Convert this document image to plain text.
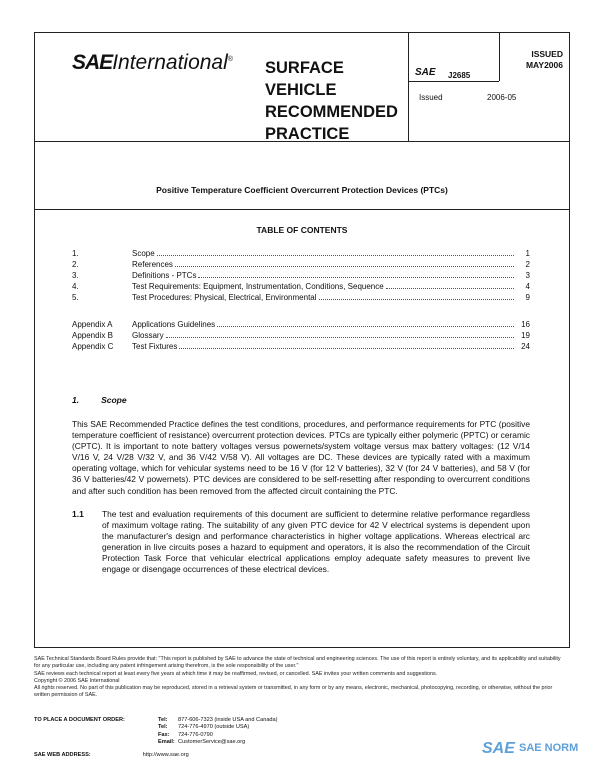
SAEInternational® SURFACE
VEHICLE
RECOMMENDED
PRACTICE
SAE J2685
Issued	2006-05
ISSUED
MAY2006
Positive Temperature Coefficient Overcurrent Protection Devices (PTCs)
TABLE OF CONTENTS
1.	Scope	1
2.	References	2
3.	Definitions - PTCs	3
4.	Test Requirements: Equipment, Instrumentation, Conditions, Sequence	4
5.	Test Procedures: Physical, Electrical, Environmental	9
Appendix A	Applications Guidelines	16
Appendix B	Glossary	19
Appendix C	Test Fixtures	24
1.	Scope
This SAE Recommended Practice defines the test conditions, procedures, and performance requirements for PTC (positive temperature coefficient of resistance) overcurrent protection devices. PTCs are typically either polymeric (PPTC) or ceramic (CPTC). It is important to note battery voltages versus powernets/system voltage versus max battery voltages: (12 V/14 V/16 V, 24 V/28 V/32 V, and 36 V/42 V/58 V). All voltages are DC. These devices are typically rated with a maximum operating voltage, which for vehicular systems need to be 16 V (for 12 V batteries), 32 V (for 24 V batteries), and 58 V (for 36 V batteries/42 V powernets). PTC devices are considered to be self-resetting after responding to overcurrent conditions and after such condition has been removed from the affected circuit containing the PTC.
1.1 The test and evaluation requirements of this document are sufficient to determine relative performance regardless of maximum voltage rating. The suitability of any given PTC device for 42 V electrical systems is dependent upon the manufacturer's design and performance characteristics in higher voltage applications. Whereas electrical arc generation in live circuits poses a hazard to equipment and operators, it is also the recommendation of the Circuit Protection Task Force that vehicular electrical applications employ adequate safety measures to prevent live engage or disengage occurrences of these electrical devices.

SAE Technical Standards Board Rules provide that: "This report is published by SAE to advance the state of technical and engineering sciences. The use of this report is entirely voluntary, and its applicability and suitability for any particular use, including any patent infringement arising therefrom, is the sole responsibility of the user."

SAE reviews each technical report at least every five years at which time it may be reaffirmed, revised, or cancelled. SAE invites your written comments and suggestions.

Copyright © 2006 SAE International

All rights reserved. No part of this publication may be reproduced, stored in a retrieval system or transmitted, in any form or by any means, electronic, mechanical, photocopying, recording, or otherwise, without the prior written permission of SAE.

TO PLACE A DOCUMENT ORDER:	Tel:	877-606-7323 (inside USA and Canada)
Tel:	724-776-4970 (outside USA)
Fax:	724-776-0790
Email: CustomerService@sae.org
SAE WEB ADDRESS:	http://www.sae.org	SAE SAE NORM
